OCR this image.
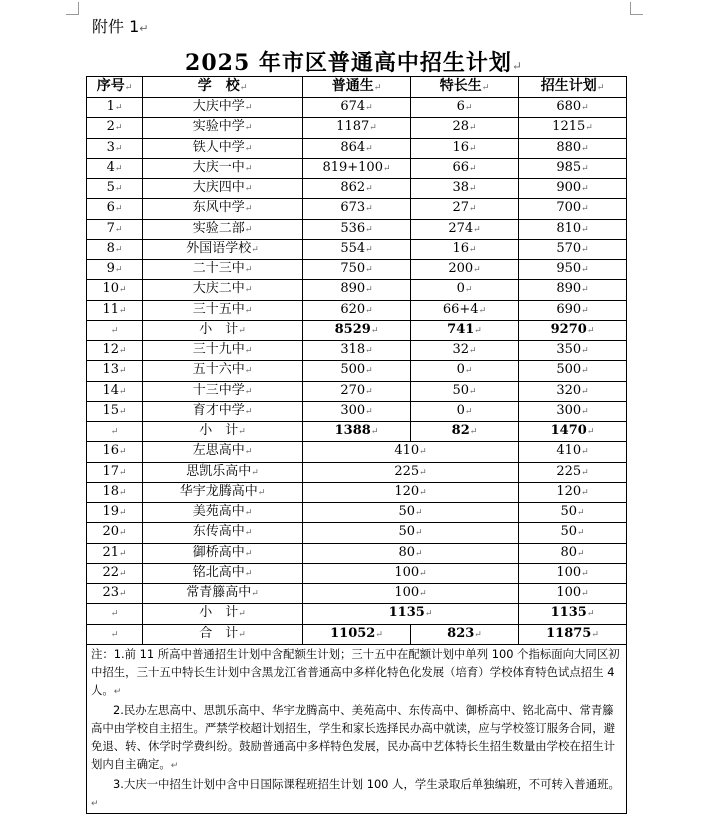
附件 1↵
2025 年市区普通高中招生计划↵
序号↵	学　校↵	普通生↵	特长生↵	招生计划↵
1↵	大庆中学↵	674↵	6↵	680↵
2↵	实验中学↵	1187↵	28↵	1215↵
3↵	铁人中学↵	864↵	16↵	880↵
4↵	大庆一中↵	819+100↵	66↵	985↵
5↵	大庆四中↵	862↵	38↵	900↵
6↵	东风中学↵	673↵	27↵	700↵
7↵	实验二部↵	536↵	274↵	810↵
8↵	外国语学校↵	554↵	16↵	570↵
9↵	二十三中↵	750↵	200↵	950↵
10↵	大庆二中↵	890↵	0↵	890↵
11↵	三十五中↵	620↵	66+4↵	690↵
↵	小　计↵	8529↵	741↵	9270↵
12↵	三十九中↵	318↵	32↵	350↵
13↵	五十六中↵	500↵	0↵	500↵
14↵	十三中学↵	270↵	50↵	320↵
15↵	育才中学↵	300↵	0↵	300↵
↵	小　计↵	1388↵	82↵	1470↵
16↵	左思高中↵	410↵		410↵
17↵	思凯乐高中↵	225↵		225↵
18↵	华宇龙腾高中↵	120↵		120↵
19↵	美苑高中↵	50↵		50↵
20↵	东传高中↵	50↵		50↵
21↵	御桥高中↵	80↵		80↵
22↵	铭北高中↵	100↵		100↵
23↵	常青籐高中↵	100↵		100↵
↵	小　计↵	1135↵		1135↵
↵	合　计↵	11052↵	823↵	11875↵

注：1.前 11 所高中普通招生计划中含配额生计划；三十五中在配额计划中单列 100 个指标面向大同区初中招生，三十五中特长生计划中含黑龙江省普通高中多样化特色化发展（培育）学校体育特色试点招生 4 人。↵

2.民办左思高中、思凯乐高中、华宇龙腾高中、美苑高中、东传高中、御桥高中、铭北高中、常青籐高中由学校自主招生。严禁学校超计划招生，学生和家长选择民办高中就读，应与学校签订服务合同，避免退、转、休学时学费纠纷。鼓励普通高中多样特色发展，民办高中艺体特长生招生数量由学校在招生计划内自主确定。↵

3.大庆一中招生计划中含中日国际课程班招生计划 100 人，学生录取后单独编班，不可转入普通班。↵				
